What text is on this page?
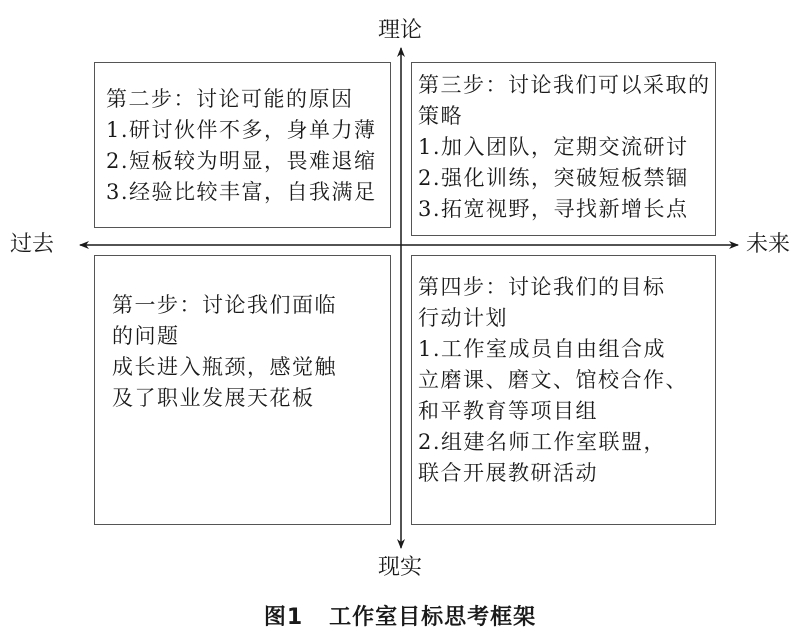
理论
现实
过去	未来
第二步：讨论可能的原因
1.研讨伙伴不多，身单力薄
2.短板较为明显，畏难退缩
3.经验比较丰富，自我满足
第三步：讨论我们可以采取的
策略
1.加入团队，定期交流研讨
2.强化训练，突破短板禁锢
3.拓宽视野，寻找新增长点
第一步：讨论我们面临
的问题
成长进入瓶颈，感觉触
及了职业发展天花板
第四步：讨论我们的目标
行动计划
1.工作室成员自由组合成
立磨课、磨文、馆校合作、
和平教育等项目组
2.组建名师工作室联盟，
联合开展教研活动
图1 工作室目标思考框架
